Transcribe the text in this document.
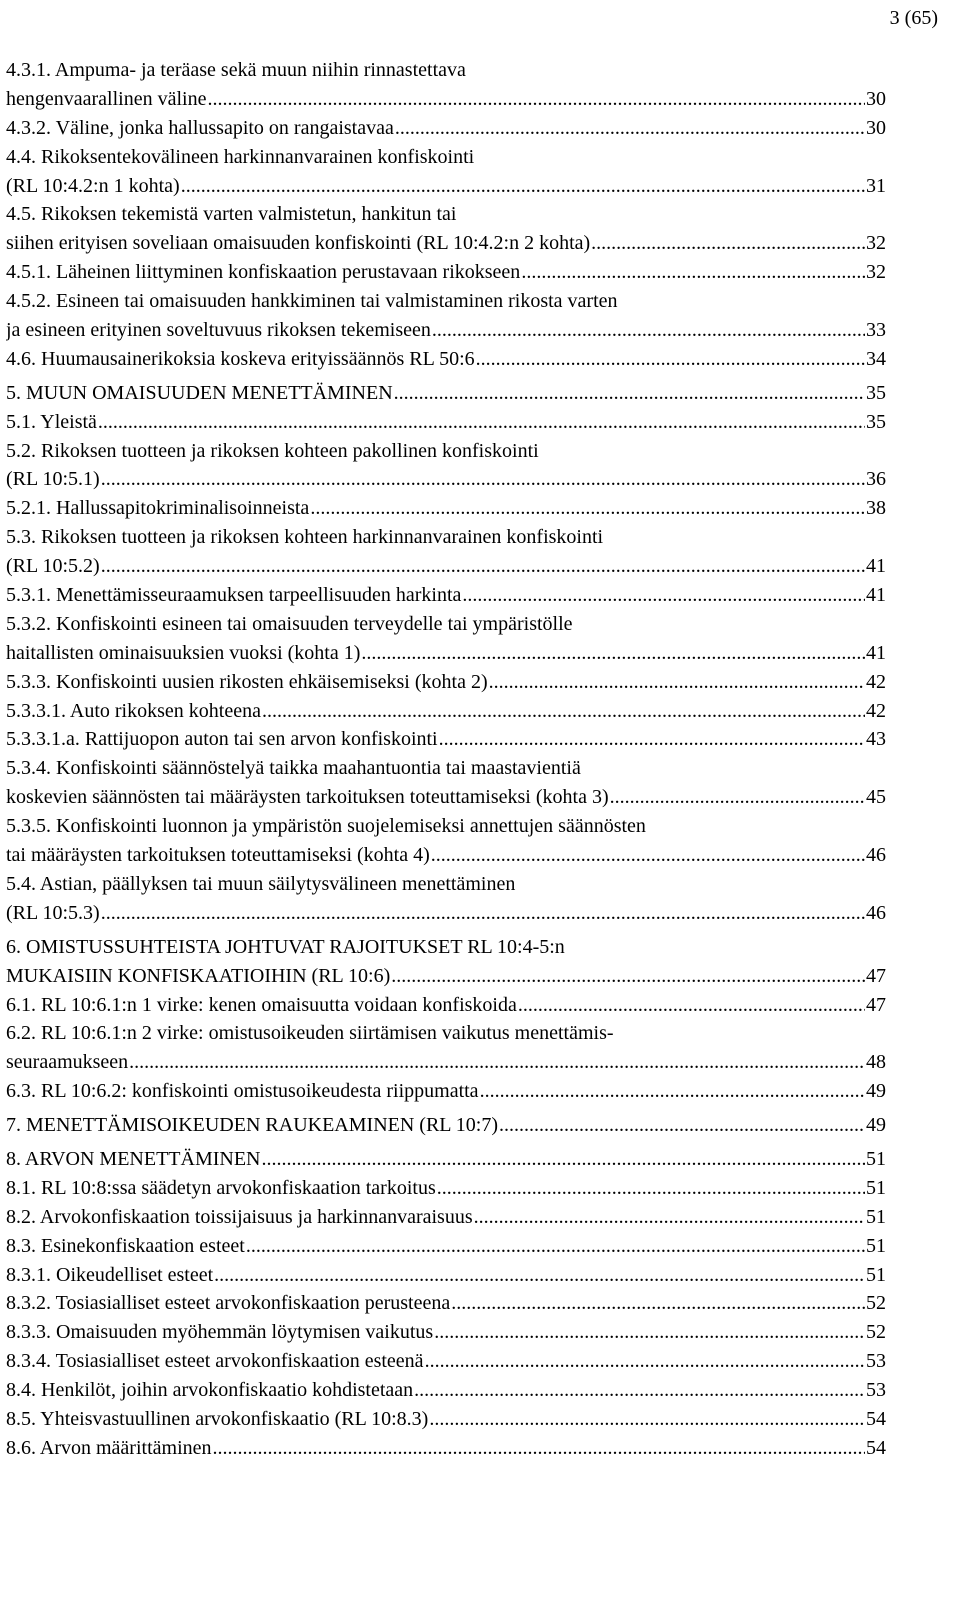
3 (65)
4.3.1. Ampuma- ja teräase sekä muun niihin rinnastettava
hengenvaarallinen väline .....	30
4.3.2. Väline, jonka hallussapito on rangaistavaa .....	30
4.4. Rikoksentekovälineen harkinnanvarainen konfiskointi
(RL 10:4.2:n 1 kohta) .....	31
4.5. Rikoksen tekemistä varten valmistetun, hankitun tai
siihen erityisen soveliaan omaisuuden konfiskointi (RL 10:4.2:n 2 kohta) .....	32
4.5.1. Läheinen liittyminen konfiskaation perustavaan rikokseen .....	32
4.5.2. Esineen tai omaisuuden hankkiminen tai valmistaminen rikosta varten
ja esineen erityinen soveltuvuus rikoksen tekemiseen .....	33
4.6. Huumausainerikoksia koskeva erityissäännös RL 50:6 .....	34
5. MUUN OMAISUUDEN MENETTÄMINEN .....	35
5.1. Yleistä .....	35
5.2. Rikoksen tuotteen ja rikoksen kohteen pakollinen konfiskointi
(RL 10:5.1) .....	36
5.2.1. Hallussapitokriminalisoinneista .....	38
5.3. Rikoksen tuotteen ja rikoksen kohteen harkinnanvarainen konfiskointi
(RL 10:5.2) .....	41
5.3.1. Menettämisseuraamuksen tarpeellisuuden harkinta .....	41
5.3.2. Konfiskointi esineen tai omaisuuden terveydelle tai ympäristölle
haitallisten ominaisuuksien vuoksi (kohta 1) .....	41
5.3.3. Konfiskointi uusien rikosten ehkäisemiseksi (kohta 2) .....	42
5.3.3.1. Auto rikoksen kohteena .....	42
5.3.3.1.a. Rattijuopon auton tai sen arvon konfiskointi .....	43
5.3.4. Konfiskointi säännöstelyä taikka maahantuontia tai maastavientiä
koskevien säännösten tai määräysten tarkoituksen toteuttamiseksi (kohta 3) .....	45
5.3.5. Konfiskointi luonnon ja ympäristön suojelemiseksi annettujen säännösten
tai määräysten tarkoituksen toteuttamiseksi (kohta 4) .....	46
5.4. Astian, päällyksen tai muun säilytysvälineen menettäminen
(RL 10:5.3) .....	46
6. OMISTUSSUHTEISTA JOHTUVAT RAJOITUKSET RL 10:4-5:n
MUKAISIIN KONFISKAATIOIHIN (RL 10:6) .....	47
6.1. RL 10:6.1:n 1 virke: kenen omaisuutta voidaan konfiskoida .....	47
6.2. RL 10:6.1:n 2 virke: omistusoikeuden siirtämisen vaikutus menettämis-
seuraamukseen .....	48
6.3. RL 10:6.2: konfiskointi omistusoikeudesta riippumatta .....	49
7. MENETTÄMISOIKEUDEN RAUKEAMINEN (RL 10:7) .....	49
8. ARVON MENETTÄMINEN .....	51
8.1. RL 10:8:ssa säädetyn arvokonfiskaation tarkoitus .....	51
8.2. Arvokonfiskaation toissijaisuus ja harkinnanvaraisuus .....	51
8.3. Esinekonfiskaation esteet .....	51
8.3.1. Oikeudelliset esteet .....	51
8.3.2. Tosiasialliset esteet arvokonfiskaation perusteena .....	52
8.3.3. Omaisuuden myöhemmän löytymisen vaikutus .....	52
8.3.4. Tosiasialliset esteet arvokonfiskaation esteenä .....	53
8.4. Henkilöt, joihin arvokonfiskaatio kohdistetaan .....	53
8.5. Yhteisvastuullinen arvokonfiskaatio (RL 10:8.3) .....	54
8.6. Arvon määrittäminen .....	54
